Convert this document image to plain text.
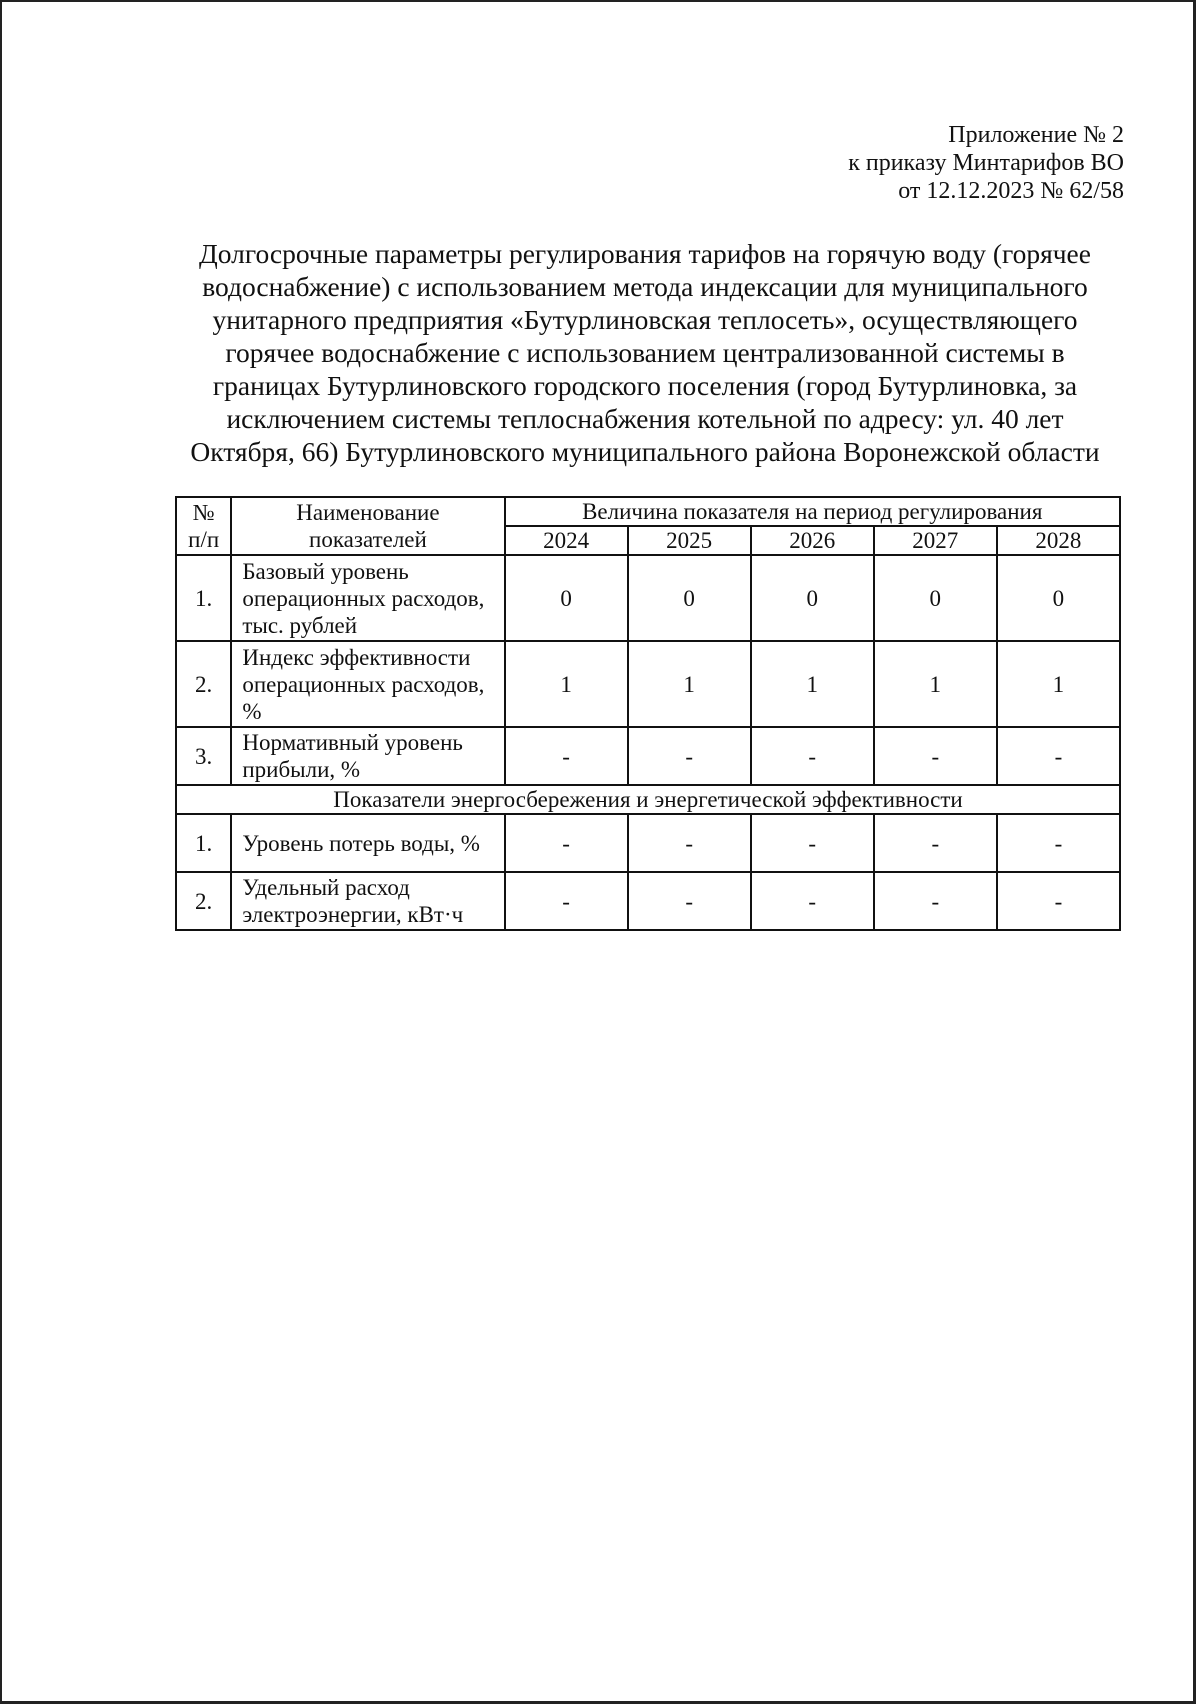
Приложение № 2
к приказу Минтарифов ВО
от 12.12.2023 № 62/58
Долгосрочные параметры регулирования тарифов на горячую воду (горячее
водоснабжение) с использованием метода индексации для муниципального
унитарного предприятия «Бутурлиновская теплосеть», осуществляющего
горячее водоснабжение с использованием централизованной системы в
границах Бутурлиновского городского поселения (город Бутурлиновка, за
исключением системы теплоснабжения котельной по адресу: ул. 40 лет
Октября, 66) Бутурлиновского муниципального района Воронежской области
№ п/п	Наименование показателей	Величина показателя на период регулирования				
		2024	2025	2026	2027	2028
1.	Базовый уровень операционных расходов, тыс. рублей	0	0	0	0	0
2.	Индекс эффективности операционных расходов, %	1	1	1	1	1
3.	Нормативный уровень прибыли, %	-	-	-	-	-
Показатели энергосбережения и энергетической эффективности						
1.	Уровень потерь воды, %	-	-	-	-	-
2.	Удельный расход электроэнергии, кВт·ч	-	-	-	-	-
